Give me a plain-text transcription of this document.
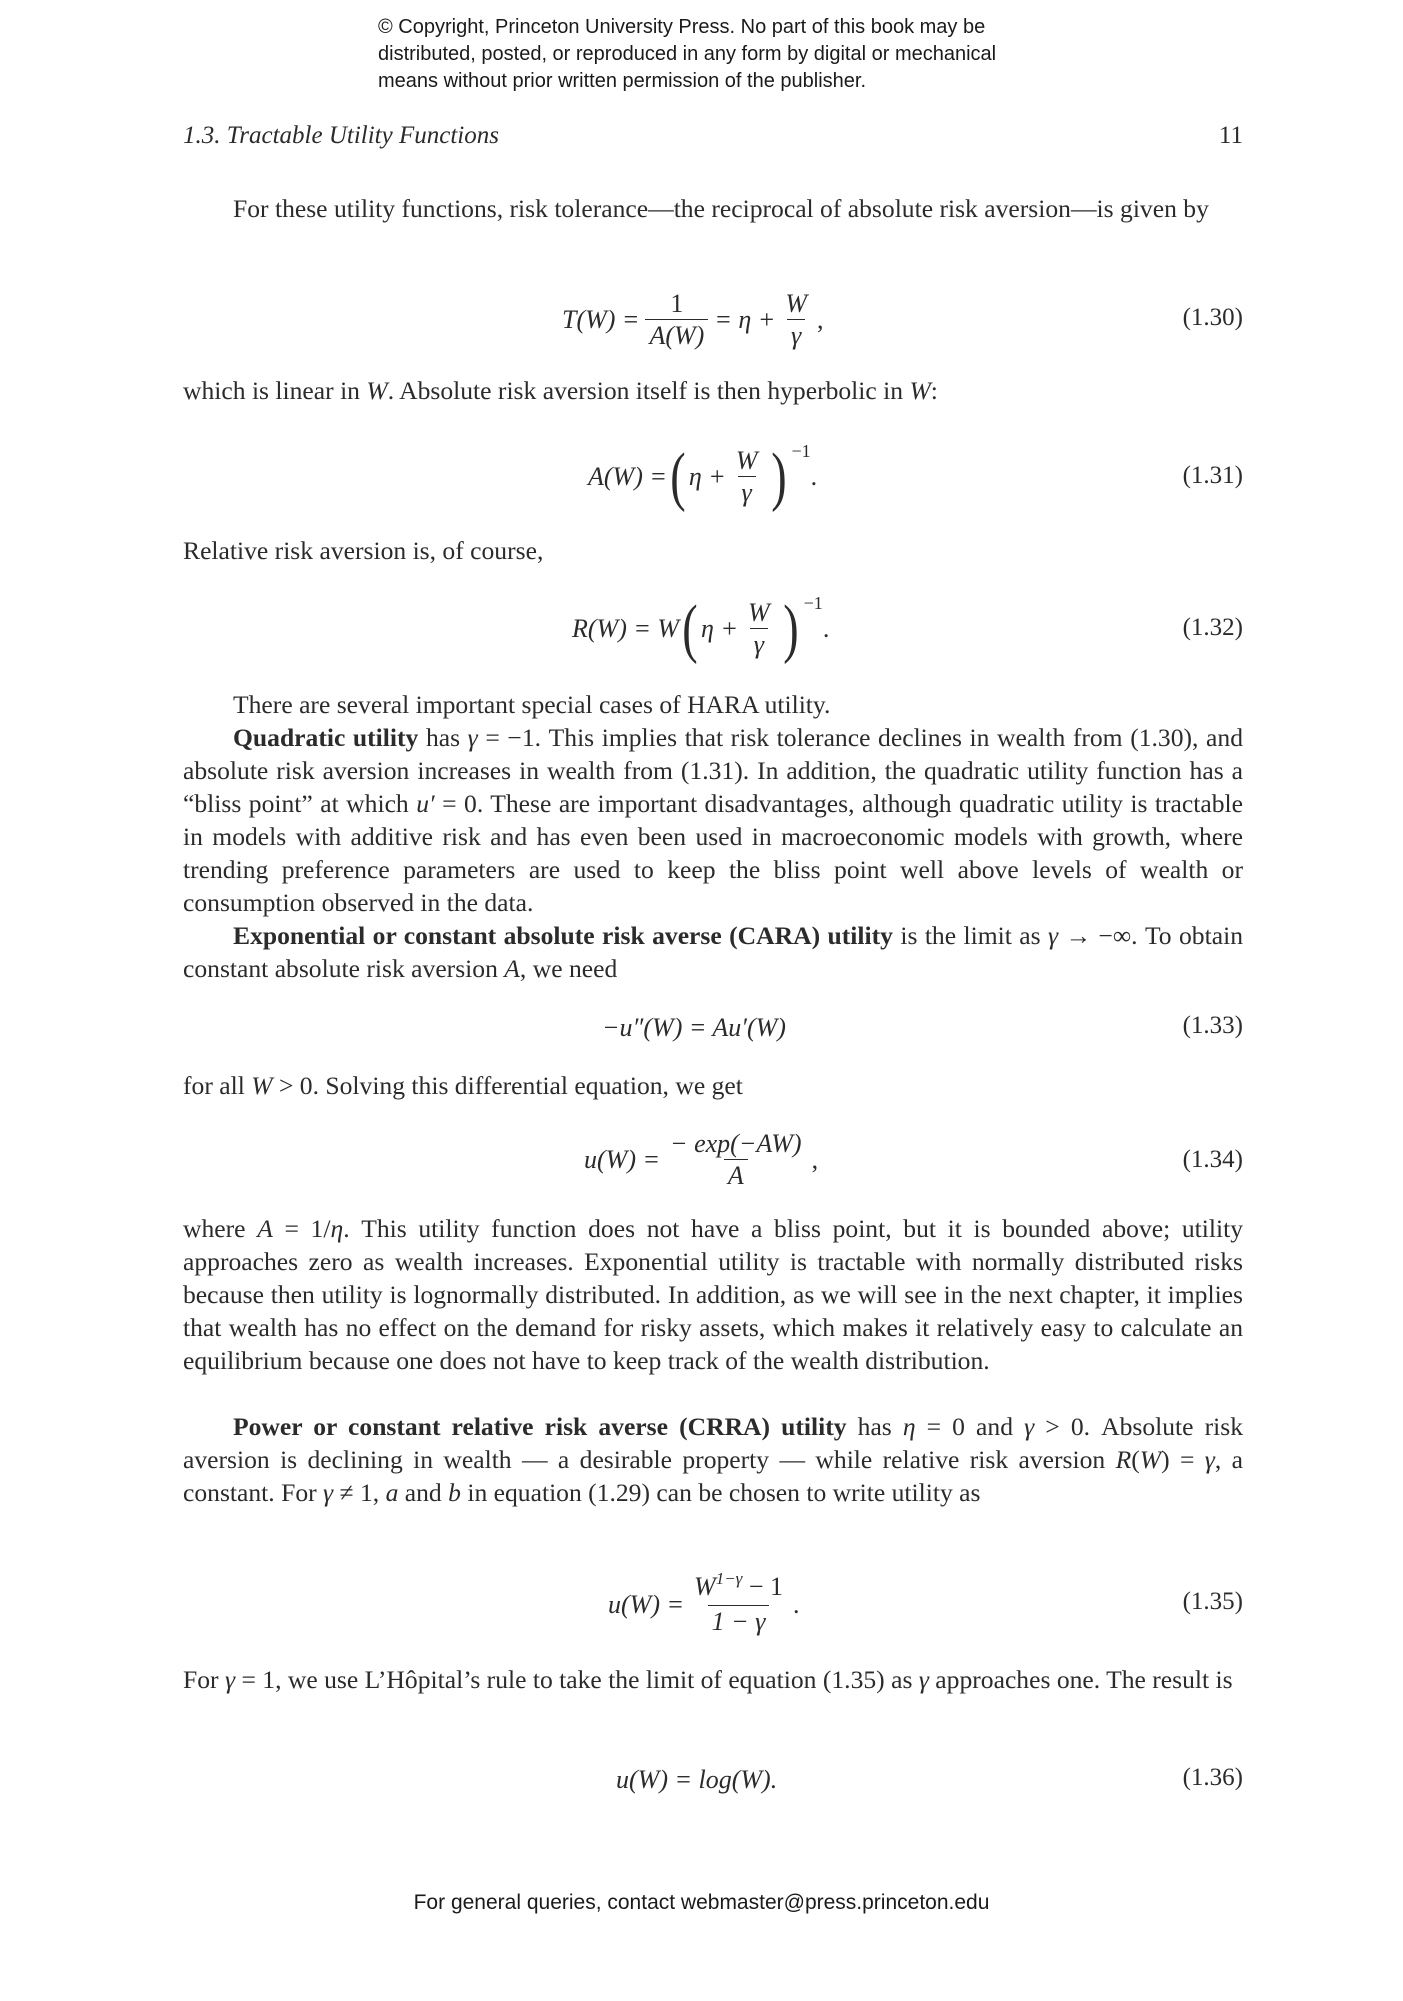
© Copyright, Princeton University Press. No part of this book may be
distributed, posted, or reproduced in any form by digital or mechanical
means without prior written permission of the publisher.
1.3. Tractable Utility Functions	11

For these utility functions, risk tolerance—the reciprocal of absolute risk aversion—is given by

$T(W) = \frac{1}{A(W)} = \eta + \frac{W}{\gamma}$ ,	(1.30)

which is linear in W. Absolute risk aversion itself is then hyperbolic in W:

A(W) = ( $\eta + \frac{W}{\gamma}$ ) −1
.	(1.31)

Relative risk aversion is, of course,

R(W) = W ( $\eta + \frac{W}{\gamma}$ ) −1
.	(1.32)

There are several important special cases of HARA utility.

Quadratic utility has γ = −1. This implies that risk tolerance declines in wealth from (1.30), and absolute risk aversion increases in wealth from (1.31). In addition, the quadratic utility function has a “bliss point” at which u′ = 0. These are important disadvantages, although quadratic utility is tractable in models with additive risk and has even been used in macroeconomic models with growth, where trending preference parameters are used to keep the bliss point well above levels of wealth or consumption observed in the data.

Exponential or constant absolute risk averse (CARA) utility is the limit as γ → −∞. To obtain constant absolute risk aversion A, we need

−u″(W) = Au′(W)	(1.33)

for all W > 0. Solving this differential equation, we get

$u(W) = \frac{- \exp(-AW)}{A}$ ,	(1.34)

where A = 1/η. This utility function does not have a bliss point, but it is bounded above; utility approaches zero as wealth increases. Exponential utility is tractable with normally distributed risks because then utility is lognormally distributed. In addition, as we will see in the next chapter, it implies that wealth has no effect on the demand for risky assets, which makes it relatively easy to calculate an equilibrium because one does not have to keep track of the wealth distribution.

Power or constant relative risk averse (CRRA) utility has η = 0 and γ > 0. Absolute risk aversion is declining in wealth — a desirable property — while relative risk aversion R(W) = γ, a constant. For γ ≠ 1, a and b in equation (1.29) can be chosen to write utility as

$u(W) = \frac{W^{1-\gamma} - 1}{1 - \gamma}$ .	(1.35)

For γ = 1, we use L’Hôpital’s rule to take the limit of equation (1.35) as γ approaches one. The result is

u(W) = log(W).	(1.36)
For general queries, contact webmaster@press.princeton.edu
